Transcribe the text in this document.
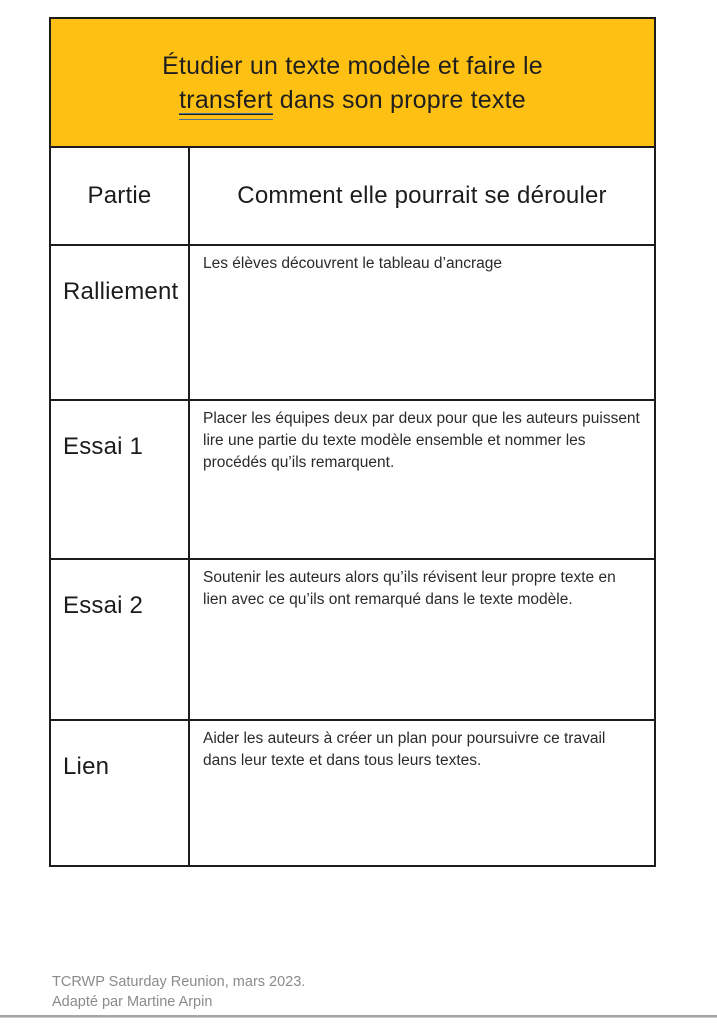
Étudier un texte modèle et faire le
transfert dans son propre texte
Partie	Comment elle pourrait se dérouler
Ralliement
Les élèves découvrent le tableau d’ancrage
Essai 1
Placer les équipes deux par deux pour que les auteurs puissent lire une partie du texte modèle ensemble et nommer les procédés qu’ils remarquent.
Essai 2
Soutenir les auteurs alors qu’ils révisent leur propre texte en lien avec ce qu’ils ont remarqué dans le texte modèle.
Lien
Aider les auteurs à créer un plan pour poursuivre ce travail dans leur texte et dans tous leurs textes.
TCRWP Saturday Reunion, mars 2023.
Adapté par Martine Arpin
